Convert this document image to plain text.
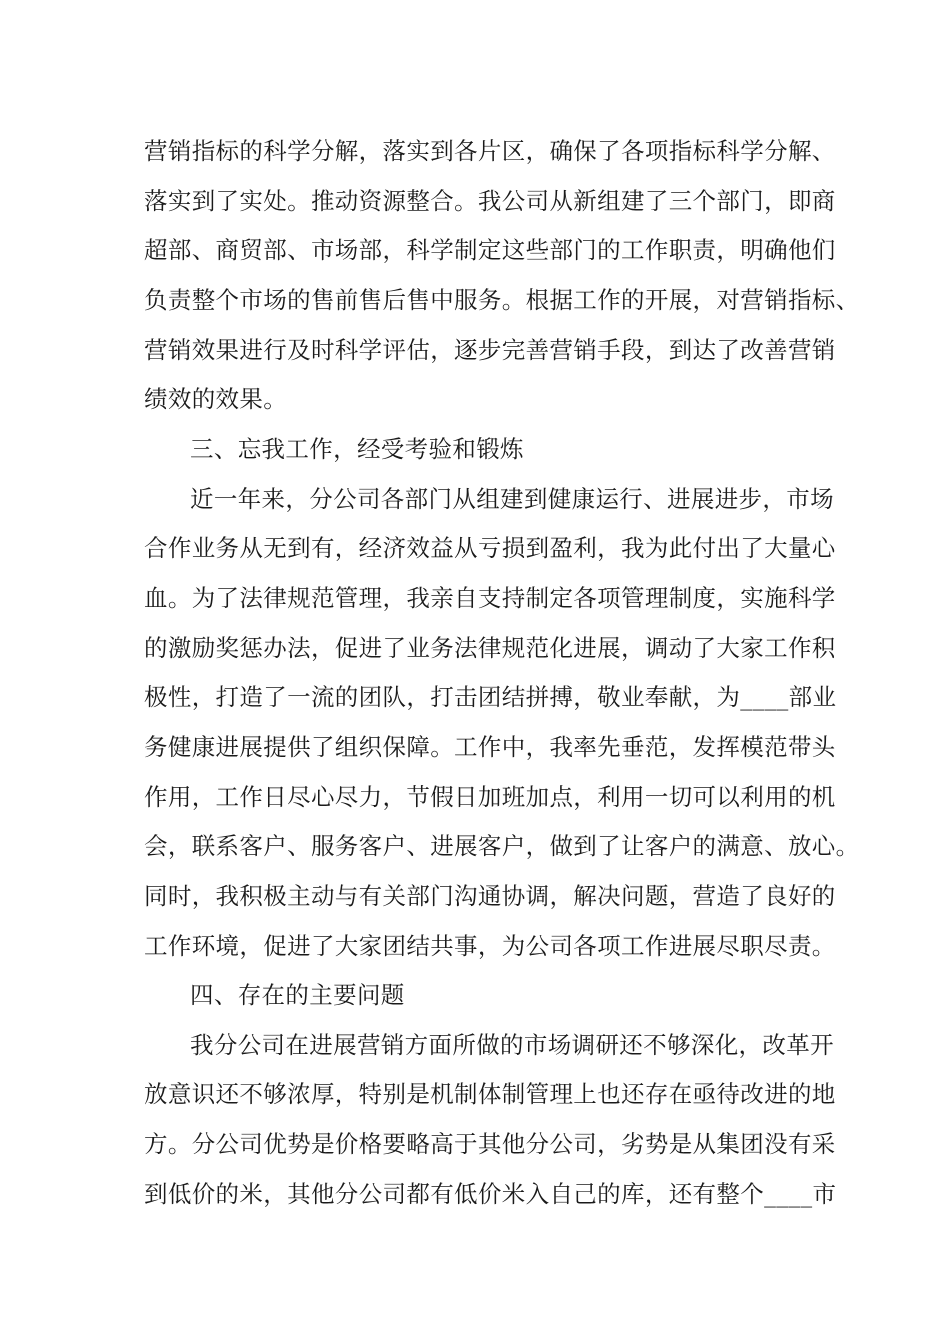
营销指标的科学分解，落实到各片区，确保了各项指标科学分解、
落实到了实处。推动资源整合。我公司从新组建了三个部门，即商
超部、商贸部、市场部，科学制定这些部门的工作职责，明确他们
负责整个市场的售前售后售中服务。根据工作的开展，对营销指标、
营销效果进行及时科学评估，逐步完善营销手段，到达了改善营销
绩效的效果。
三、忘我工作，经受考验和锻炼
近一年来，分公司各部门从组建到健康运行、进展进步，市场
合作业务从无到有，经济效益从亏损到盈利，我为此付出了大量心
血。为了法律规范管理，我亲自支持制定各项管理制度，实施科学
的激励奖惩办法，促进了业务法律规范化进展，调动了大家工作积
极性，打造了一流的团队，打击团结拼搏，敬业奉献，为____部业
务健康进展提供了组织保障。工作中，我率先垂范，发挥模范带头
作用，工作日尽心尽力，节假日加班加点，利用一切可以利用的机
会，联系客户、服务客户、进展客户，做到了让客户的满意、放心。
同时，我积极主动与有关部门沟通协调，解决问题，营造了良好的
工作环境，促进了大家团结共事，为公司各项工作进展尽职尽责。
四、存在的主要问题
我分公司在进展营销方面所做的市场调研还不够深化，改革开
放意识还不够浓厚，特别是机制体制管理上也还存在亟待改进的地
方。分公司优势是价格要略高于其他分公司，劣势是从集团没有采
到低价的米，其他分公司都有低价米入自己的库，还有整个____市
